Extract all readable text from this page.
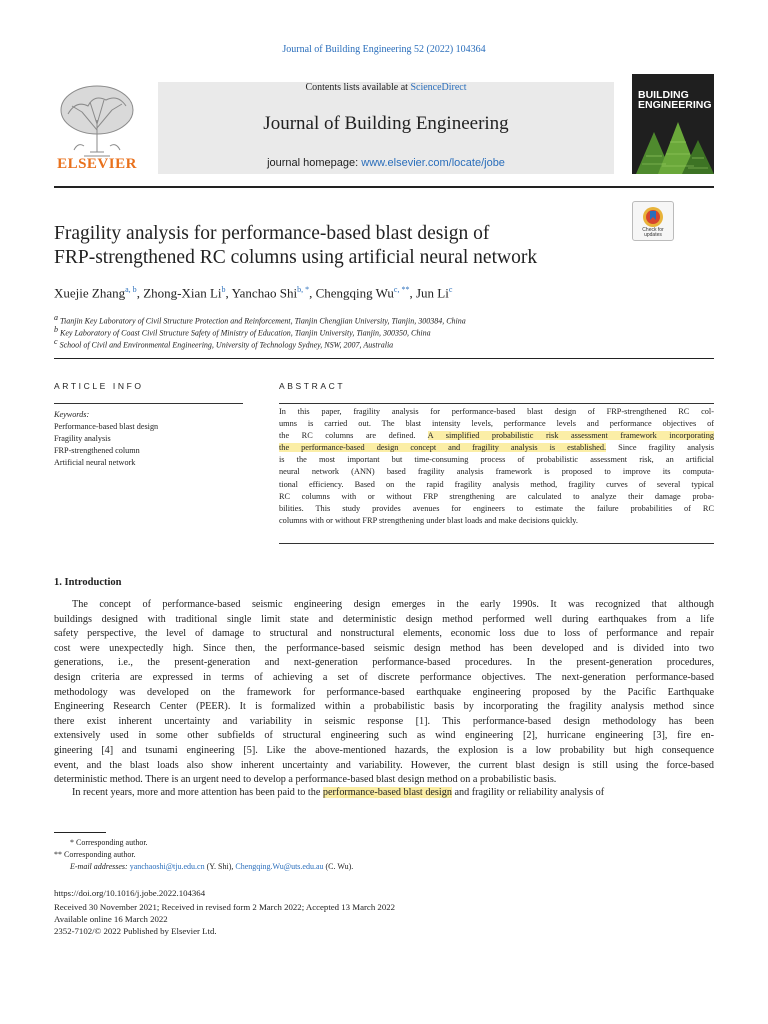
Journal of Building Engineering 52 (2022) 104364
Contents lists available at ScienceDirect
Journal of Building Engineering
journal homepage: www.elsevier.com/locate/jobe
ELSEVIER
BUILDING
ENGINEERING
Check for updates
Fragility analysis for performance-based blast design of
FRP-strengthened RC columns using artificial neural network
Xuejie Zhang$^{a, b}$, Zhong-Xian Li$^b$, Yanchao Shi$^{b, *}$, Chengqing $Wu^{c, **}$, Jun Li$^c$
$^a$ Tianjin Key Laboratory of Civil Structure Protection and Reinforcement, Tianjin Chengjian University, Tianjin, 300384, China
$^b$ Key Laboratory of Coast Civil Structure Safety of Ministry of Education, Tianjin University, Tianjin, 300350, China
$^c$ School of Civil and Environmental Engineering, University of Technology Sydney, NSW, 2007, Australia
ARTICLE INFO
Keywords:
Performance-based blast design
Fragility analysis
FRP-strengthened column
Artificial neural network
ABSTRACT
In this paper, fragility analysis for performance-based blast design of FRP-strengthened RC col-
umns is carried out. The blast intensity levels, performance levels and performance objectives of
the RC columns are defined. A simplified probabilistic risk assessment framework incorporating
the performance-based design concept and fragility analysis is established. Since fragility analysis
is the most important but time-consuming process of probabilistic assessment risk, an artificial
neural network (ANN) based fragility analysis framework is proposed to improve its computa-
tional efficiency. Based on the rapid fragility analysis method, fragility curves of several typical
RC columns with or without FRP strengthening are calculated to analyze their damage proba-
bilities. This study provides avenues for engineers to estimate the failure probabilities of RC
columns with or without FRP strengthening under blast loads and make decisions quickly.
1. Introduction
The concept of performance-based seismic engineering design emerges in the early 1990s. It was recognized that although
buildings designed with traditional single limit state and deterministic design method performed well during earthquakes from a life
safety perspective, the level of damage to structural and nonstructural elements, economic loss due to loss of performance and repair
cost were unexpectedly high. Since then, the performance-based seismic design method has been developed and is divided into two
generations, i.e., the present-generation and next-generation performance-based procedures. In the present-generation procedures,
design criteria are expressed in terms of achieving a set of discrete performance objectives. The next-generation performance-based
methodology was developed on the framework for performance-based earthquake engineering proposed by the Pacific Earthquake
Engineering Research Center (PEER). It is formalized within a probabilistic basis by incorporating the fragility analysis method since
there exist inherent uncertainty and variability in seismic response [1]. This performance-based design methodology has been
extensively used in some other subfields of structural engineering such as wind engineering [2], hurricane engineering [3], fire en-
gineering [4] and tsunami engineering [5]. Like the above-mentioned hazards, the explosion is a low probability but high consequence
event, and the blast loads also show inherent uncertainty and variability. However, the current blast design is still using the force-based
deterministic method. There is an urgent need to develop a performance-based blast design method on a probabilistic basis.
In recent years, more and more attention has been paid to the performance-based blast design and fragility or reliability analysis of
* Corresponding author.
** Corresponding author.
E-mail addresses: yanchaoshi@tju.edu.cn (Y. Shi), Chengqing.Wu@uts.edu.au (C. Wu).
https://doi.org/10.1016/j.jobe.2022.104364
Received 30 November 2021; Received in revised form 2 March 2022; Accepted 13 March 2022
Available online 16 March 2022
2352-7102/© 2022 Published by Elsevier Ltd.
